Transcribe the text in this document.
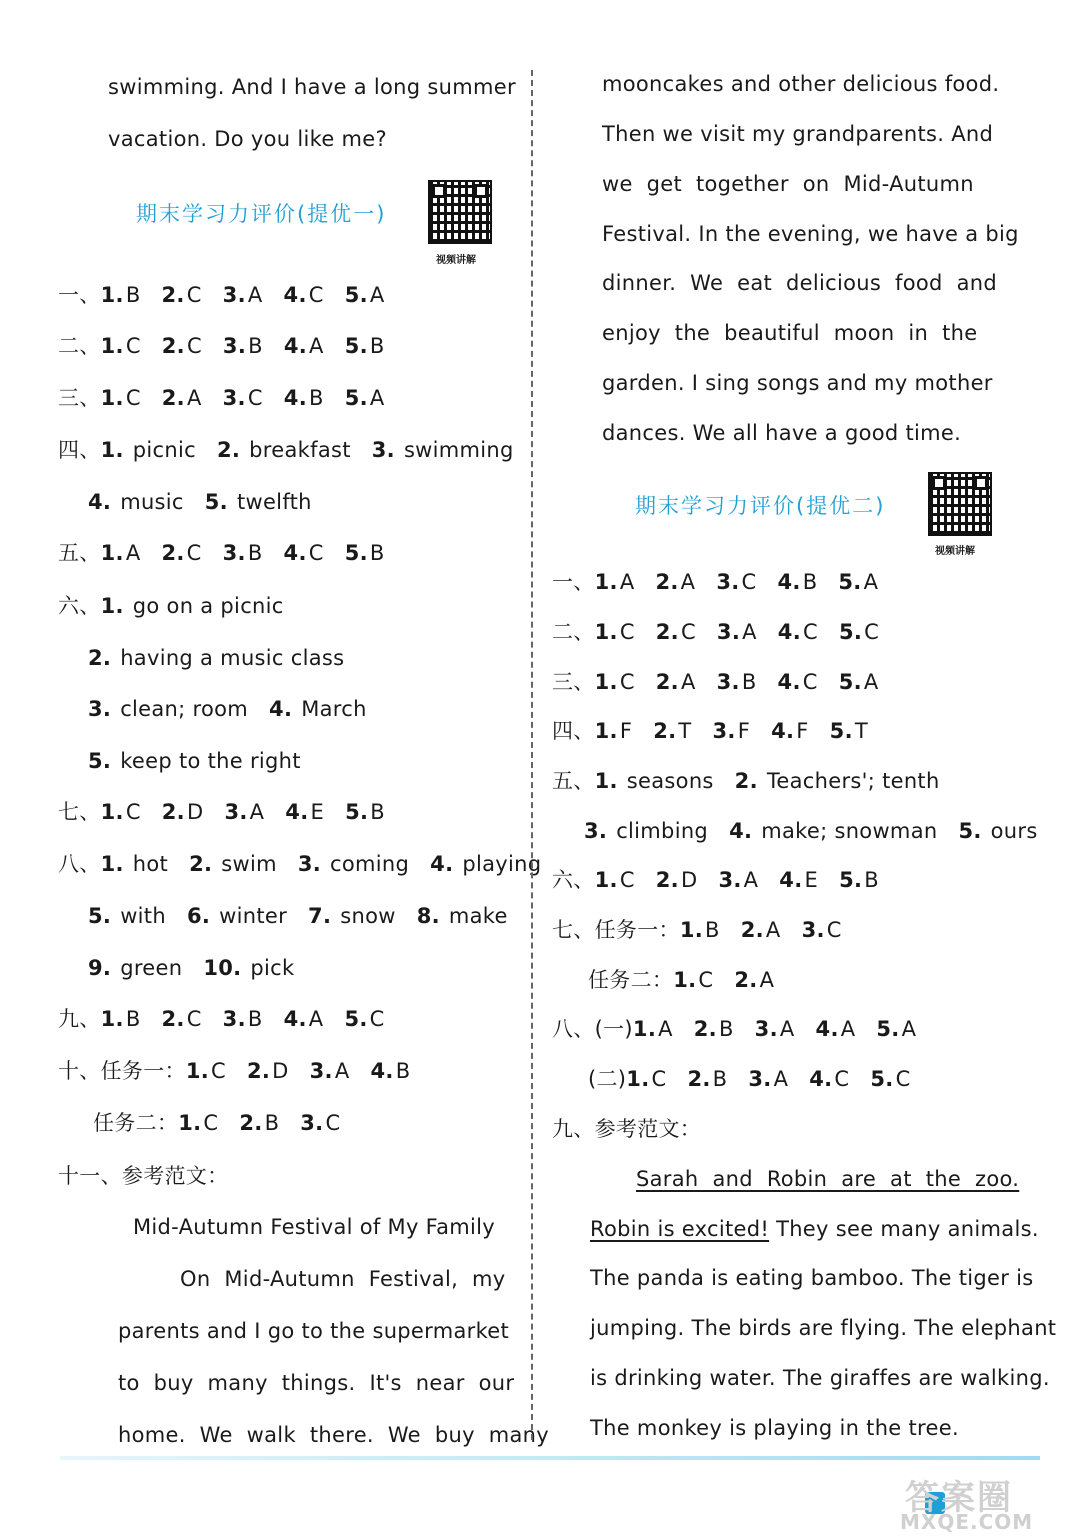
swimming. And I have a long summer
vacation. Do you like me?
期末学习力评价(提优一)
视频讲解
一、1.B 2.C 3.A 4.C 5.A
二、1.C 2.C 3.B 4.A 5.B
三、1.C 2.A 3.C 4.B 5.A
四、1. picnic 2. breakfast 3. swimming
4. music 5. twelfth
五、1.A 2.C 3.B 4.C 5.B
六、1. go on a picnic
2. having a music class
3. clean; room 4. March
5. keep to the right
七、1.C 2.D 3.A 4.E 5.B
八、1. hot 2. swim 3. coming 4. playing
5. with 6. winter 7. snow 8. make
9. green 10. pick
九、1.B 2.C 3.B 4.A 5.C
十、任务一：1.C 2.D 3.A 4.B
任务二：1.C 2.B 3.C
十一、参考范文：
Mid-Autumn Festival of My Family
On  Mid-Autumn  Festival,  my
parents and I go to the supermarket
to  buy  many  things.  It's  near  our
home.  We  walk  there.  We  buy  many
mooncakes and other delicious food.
Then we visit my grandparents. And
we  get  together  on  Mid-Autumn
Festival. In the evening, we have a big
dinner.  We  eat  delicious  food  and
enjoy  the  beautiful  moon  in  the
garden. I sing songs and my mother
dances. We all have a good time.
期末学习力评价(提优二)
视频讲解
一、1.A 2.A 3.C 4.B 5.A
二、1.C 2.C 3.A 4.C 5.C
三、1.C 2.A 3.B 4.C 5.A
四、1.F 2.T 3.F 4.F 5.T
五、1. seasons 2. Teachers'; tenth
3. climbing 4. make; snowman 5. ours
六、1.C 2.D 3.A 4.E 5.B
七、任务一：1.B 2.A 3.C
任务二：1.C 2.A
八、(一)1.A 2.B 3.A 4.A 5.A
(二)1.C 2.B 3.A 4.C 5.C
九、参考范文：
Sarah  and  Robin  are  at  the  zoo.
Robin is excited! They see many animals.
The panda is eating bamboo. The tiger is
jumping. The birds are flying. The elephant
is drinking water. The giraffes are walking.
The monkey is playing in the tree.
答案圈
MXQE.COM
